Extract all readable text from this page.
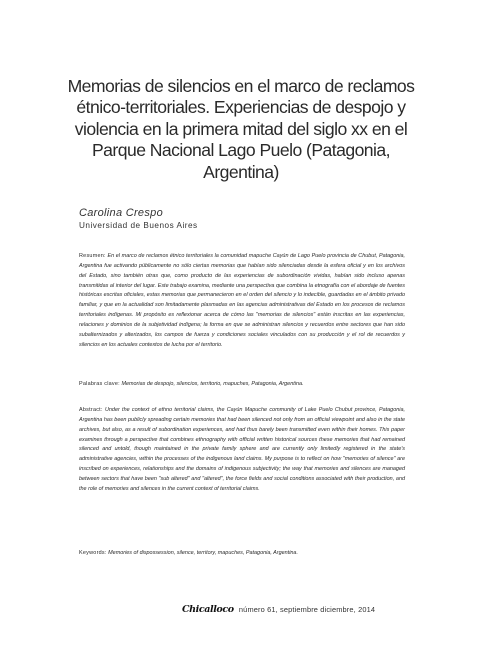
Memorias de silencios en el marco de reclamos étnico-territoriales. Experiencias de despojo y violencia en la primera mitad del siglo xx en el Parque Nacional Lago Puelo (Patagonia, Argentina)
Carolina Crespo
Universidad de Buenos Aires

Resumen: En el marco de reclamos étnico territoriales la comunidad mapuche Cayún de Lago Puelo provincia de Chubut, Patagonia, Argentina fue activando públicamente no sólo ciertas memorias que habían sido silenciadas desde la esfera oficial y en los archivos del Estado, sino también otras que, como producto de las experiencias de subordinación vividas, habían sido incluso apenas transmitidas al interior del lugar. Este trabajo examina, mediante una perspectiva que combina la etnografía con el abordaje de fuentes históricas escritas oficiales, estas memorias que permanecieron en el orden del silencio y lo indecible, guardadas en el ámbito privado familiar, y que en la actualidad son limitadamente plasmadas en las agencias administrativas del Estado en los procesos de reclamos territoriales indígenas. Mi propósito es reflexionar acerca de cómo las "memorias de silencios" están inscritas en las experiencias, relaciones y dominios de la subjetividad indígena; la forma en que se administran silencios y recuerdos entre sectores que han sido subalternizados y alterizados, los campos de fuerza y condiciones sociales vinculados con su producción y el rol de recuerdos y silencios en los actuales contextos de lucha por el territorio.

Palabras clave: Memorias de despojo, silencios, territorio, mapuches, Patagonia, Argentina.

Abstract: Under the context of ethno territorial claims, the Cayún Mapuche community of Lake Puelo Chubut province, Patagonia, Argentina has been publicly spreading certain memories that had been silenced not only from an official viewpoint and also in the state archives, but also, as a result of subordination experiences, and had thus barely been transmitted even within their homes. This paper examines through a perspective that combines ethnography with official written historical sources these memories that had remained silenced and untold, though maintained in the private family sphere and are currently only limitedly registered in the state's administrative agencies, within the processes of the indigenous land claims. My purpose is to reflect on how "memories of silence" are inscribed on experiences, relationships and the domains of indigenous subjectivity; the way that memories and silences are managed between sectors that have been "sub altered" and "altered", the force fields and social conditions associated with their production, and the role of memories and silences in the current context of territorial claims.

Keywords: Memories of dispossession, silence, territory, mapuches, Patagonia, Argentina.

Chicalloco número 61, septiembre diciembre, 2014
